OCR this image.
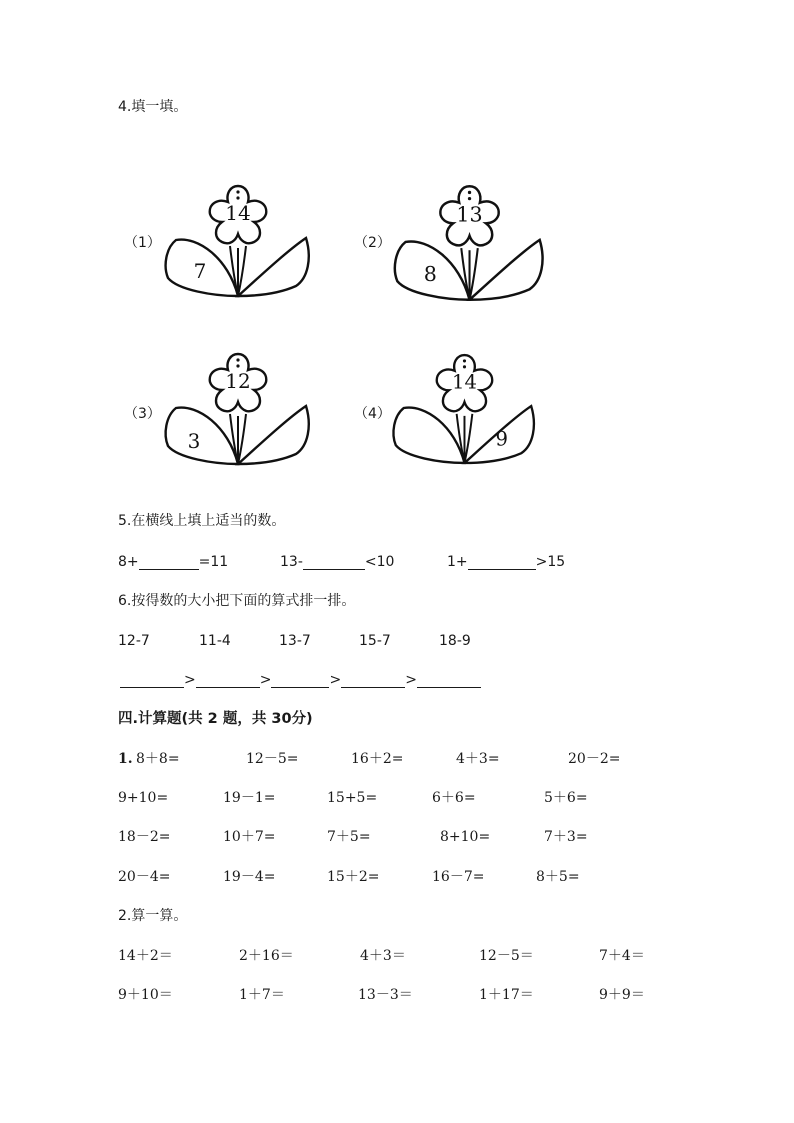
4.填一填。
（1）
14
7
（2）
13
8
（3）
12
3
（4）
14
9
5.在横线上填上适当的数。
8+	=11	13-	<10	1+	>15
6.按得数的大小把下面的算式排一排。
12-7	11-4	13-7	15-7	18-9
>	>	>	>
四.计算题(共 2 题，共 30分)
1. 8＋8=	12－5=	16＋2=	4＋3=	20－2=
9+10=	19－1=	15+5=	6＋6=	5＋6=
18－2=	10＋7=	7＋5=	8+10=	7＋3=
20－4=	19－4=	15＋2=	16－7=	8＋5=
2.算一算。
14＋2＝	2＋16＝	4＋3＝	12－5＝	7＋4＝
9＋10＝	1＋7＝	13－3＝	1＋17＝	9＋9＝
